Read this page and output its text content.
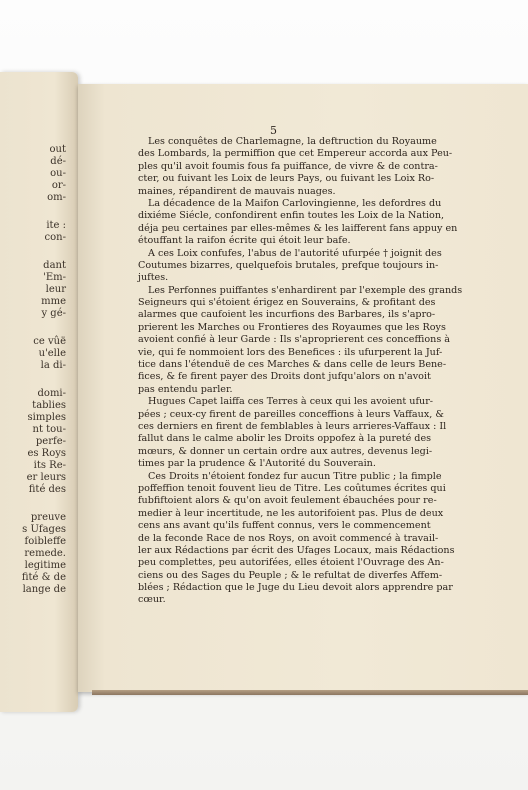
out
dé-
ou-
or-
om-
ite :
con-
dant
'Em-
leur
mme
y gé-
ce vûë
u'elle
la di-
domi-
tablies
simples
nt tou-
perfe-
es Roys
its Re-
er leurs
fité des
preuve
s Ufages
foibleffe
remede.
legitime
fité & de
lange de
5
Les conquêtes de Charlemagne, la deftruction du Royaume
des Lombards, la permiffion que cet Empereur accorda aux Peu-
ples qu'il avoit foumis fous fa puiffance, de vivre & de contra-
cter, ou fuivant les Loix de leurs Pays, ou fuivant les Loix Ro-
maines, répandirent de mauvais nuages.
La décadence de la Maifon Carlovingienne, les defordres du
dixiéme Siécle, confondirent enfin toutes les Loix de la Nation,
déja peu certaines par elles-mêmes & les laifferent fans appuy en
étouffant la raifon écrite qui étoit leur bafe.
A ces Loix confufes, l'abus de l'autorité ufurpée † joignit des
Coutumes bizarres, quelquefois brutales, prefque toujours in-
juftes.
Les Perfonnes puiffantes s'enhardirent par l'exemple des grands
Seigneurs qui s'étoient érigez en Souverains, & profitant des
alarmes que caufoient les incurfions des Barbares, ils s'apro-
prierent les Marches ou Frontieres des Royaumes que les Roys
avoient confié à leur Garde : Ils s'aproprierent ces conceffions à
vie, qui fe nommoient lors des Benefices : ils ufurperent la Juf-
tice dans l'étenduë de ces Marches & dans celle de leurs Bene-
fices, & fe firent payer des Droits dont jufqu'alors on n'avoit
pas entendu parler.
Hugues Capet laiffa ces Terres à ceux qui les avoient ufur-
pées ; ceux-cy firent de pareilles conceffions à leurs Vaffaux, &
ces derniers en firent de femblables à leurs arrieres-Vaffaux : Il
fallut dans le calme abolir les Droits oppofez à la pureté des
mœurs, & donner un certain ordre aux autres, devenus legi-
times par la prudence & l'Autorité du Souverain.
Ces Droits n'étoient fondez fur aucun Titre public ; la fimple
poffeffion tenoit fouvent lieu de Titre. Les coûtumes écrites qui
fubfiftoient alors & qu'on avoit feulement ébauchées pour re-
medier à leur incertitude, ne les autorifoient pas. Plus de deux
cens ans avant qu'ils fuffent connus, vers le commencement
de la feconde Race de nos Roys, on avoit commencé à travail-
ler aux Rédactions par écrit des Ufages Locaux, mais Rédactions
peu complettes, peu autorifées, elles étoient l'Ouvrage des An-
ciens ou des Sages du Peuple ; & le refultat de diverfes Affem-
blées ; Rédaction que le Juge du Lieu devoit alors apprendre par
cœur.
